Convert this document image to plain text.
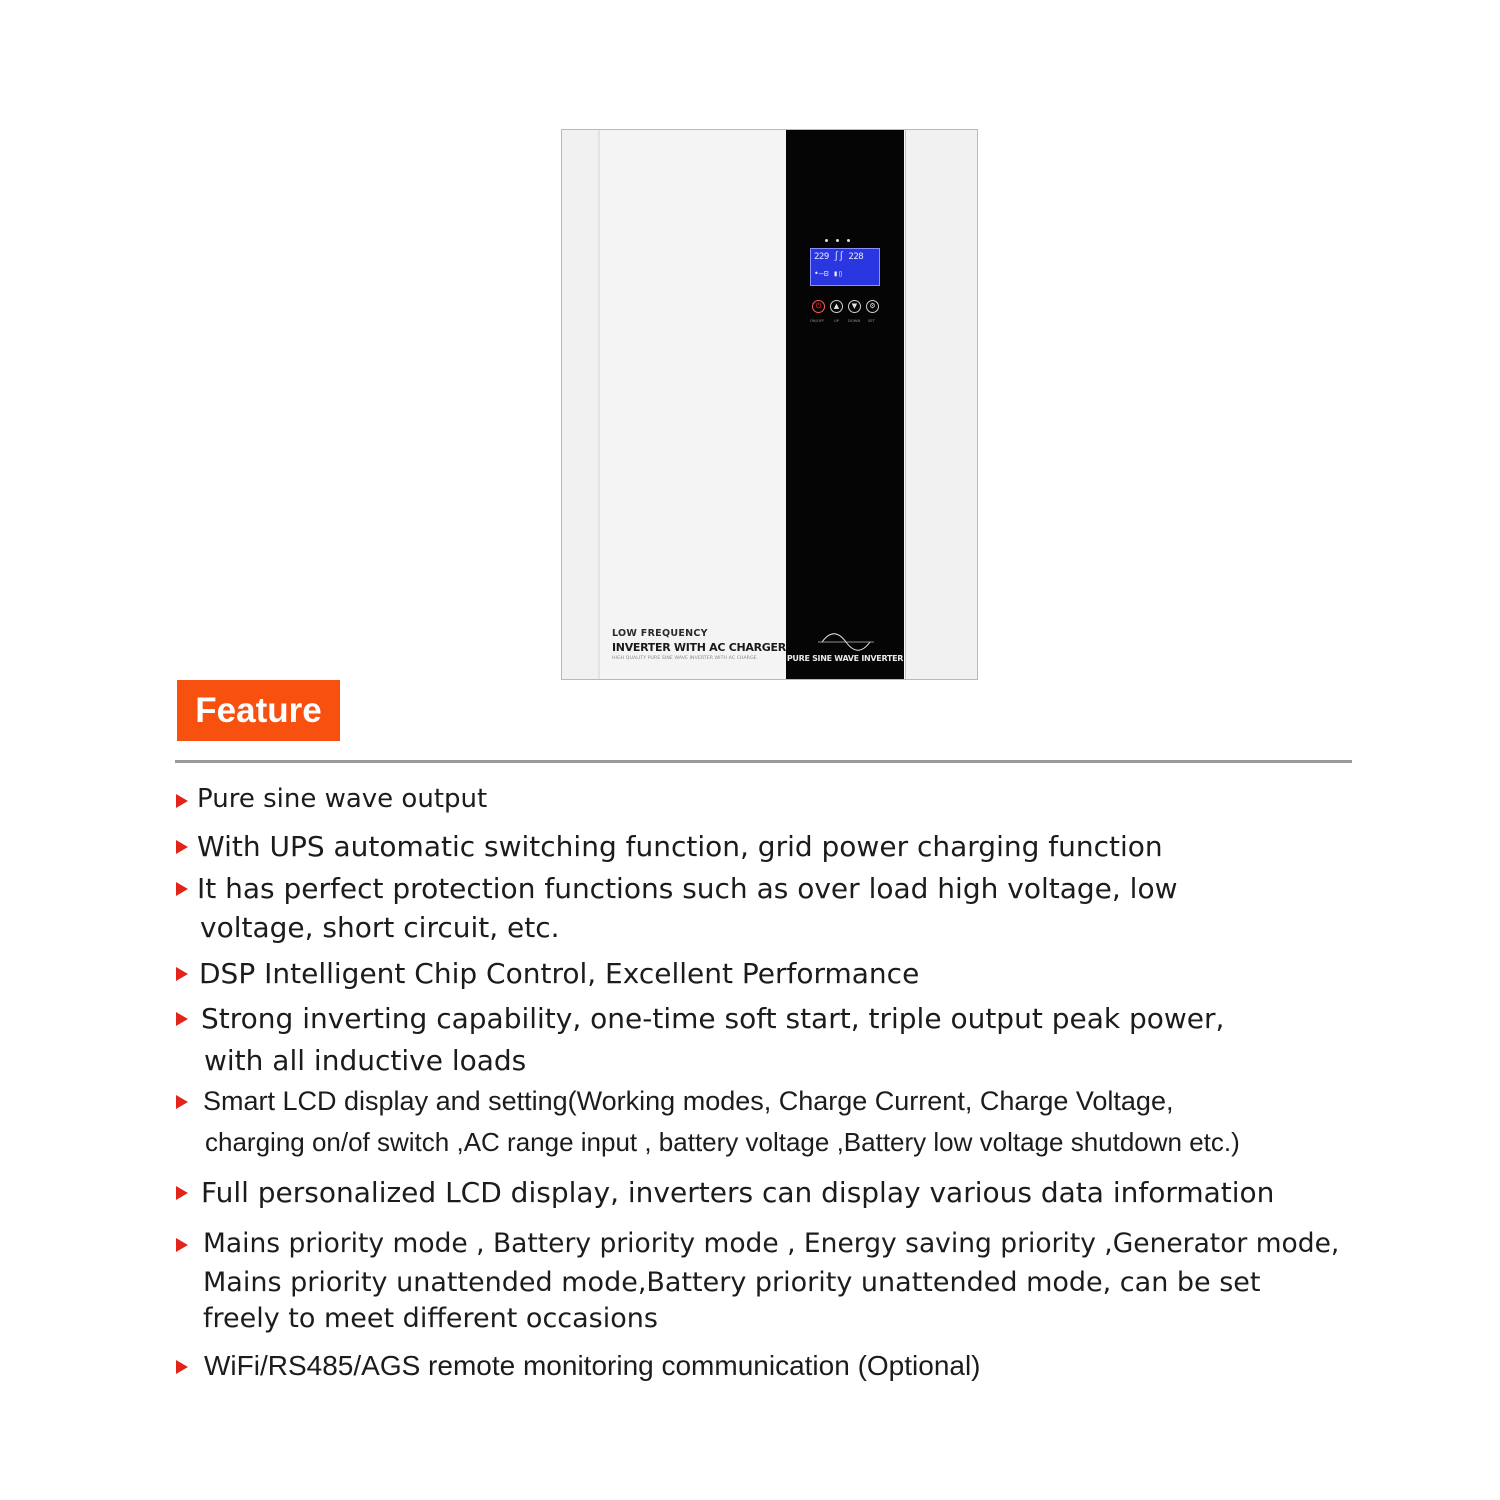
LOW FREQUENCY
INVERTER WITH AC CHARGER
HIGH QUALITY PURE SINE WAVE INVERTER WITH AC CHARGE
229 ∫∫ 228
•—⊡ ▮▯
⏻	▲	▼	⚙
ON/OFF	UP	DOWN SET
PURE SINE WAVE INVERTER
Feature
Pure sine wave output
With UPS automatic switching function, grid power charging function
It has perfect protection functions such as over load high voltage, low
voltage, short circuit, etc.
DSP Intelligent Chip Control, Excellent Performance
Strong inverting capability, one-time soft start, triple output peak power,
with all inductive loads
Smart LCD display and setting(Working modes, Charge Current, Charge Voltage,
charging on/of switch ,AC range input , battery voltage ,Battery low voltage shutdown etc.)
Full personalized LCD display, inverters can display various data information
Mains priority mode , Battery priority mode , Energy saving priority ,Generator mode,
Mains priority unattended mode,Battery priority unattended mode, can be set
freely to meet different occasions
WiFi/RS485/AGS remote monitoring communication (Optional)
